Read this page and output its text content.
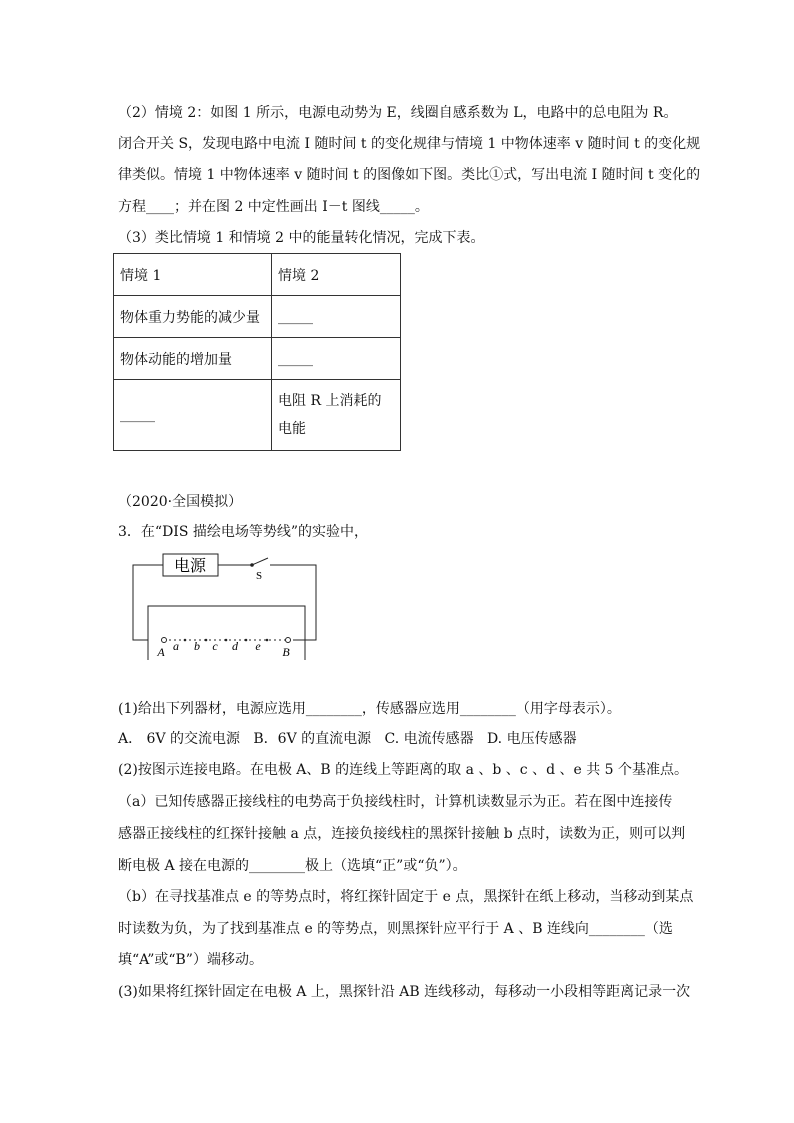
（2）情境 2：如图 1 所示，电源电动势为 E，线圈自感系数为 L，电路中的总电阻为 R。
闭合开关 S，发现电路中电流 I 随时间 t 的变化规律与情境 1 中物体速率 v 随时间 t 的变化规
律类似。情境 1 中物体速率 v 随时间 t 的图像如下图。类比①式，写出电流 I 随时间 t 变化的
方程____；并在图 2 中定性画出 I－t 图线_____。
（3）类比情境 1 和情境 2 中的能量转化情况，完成下表。
情境 1	情境 2
物体重力势能的减少量	_____
物体动能的增加量	_____
_____	电阻 R 上消耗的电能
（2020·全国模拟）
3．在“DIS 描绘电场等势线”的实验中，
电源
S
A a b c d e B
(1)给出下列器材，电源应选用________，传感器应选用________（用字母表示）。
A． 6V 的交流电源   B．6V 的直流电源   C. 电流传感器   D. 电压传感器
(2)按图示连接电路。在电极 A、B 的连线上等距离的取 a 、b 、c 、d 、e 共 5 个基准点。
（a）已知传感器正接线柱的电势高于负接线柱时，计算机读数显示为正。若在图中连接传
感器正接线柱的红探针接触 a 点，连接负接线柱的黑探针接触 b 点时，读数为正，则可以判
断电极 A 接在电源的________极上（选填“正”或“负”）。
（b）在寻找基准点 e 的等势点时，将红探针固定于 e 点，黑探针在纸上移动，当移动到某点
时读数为负，为了找到基准点 e 的等势点，则黑探针应平行于 A 、B 连线向________（选
填“A”或“B”）端移动。
(3)如果将红探针固定在电极 A 上，黑探针沿 AB 连线移动，每移动一小段相等距离记录一次
